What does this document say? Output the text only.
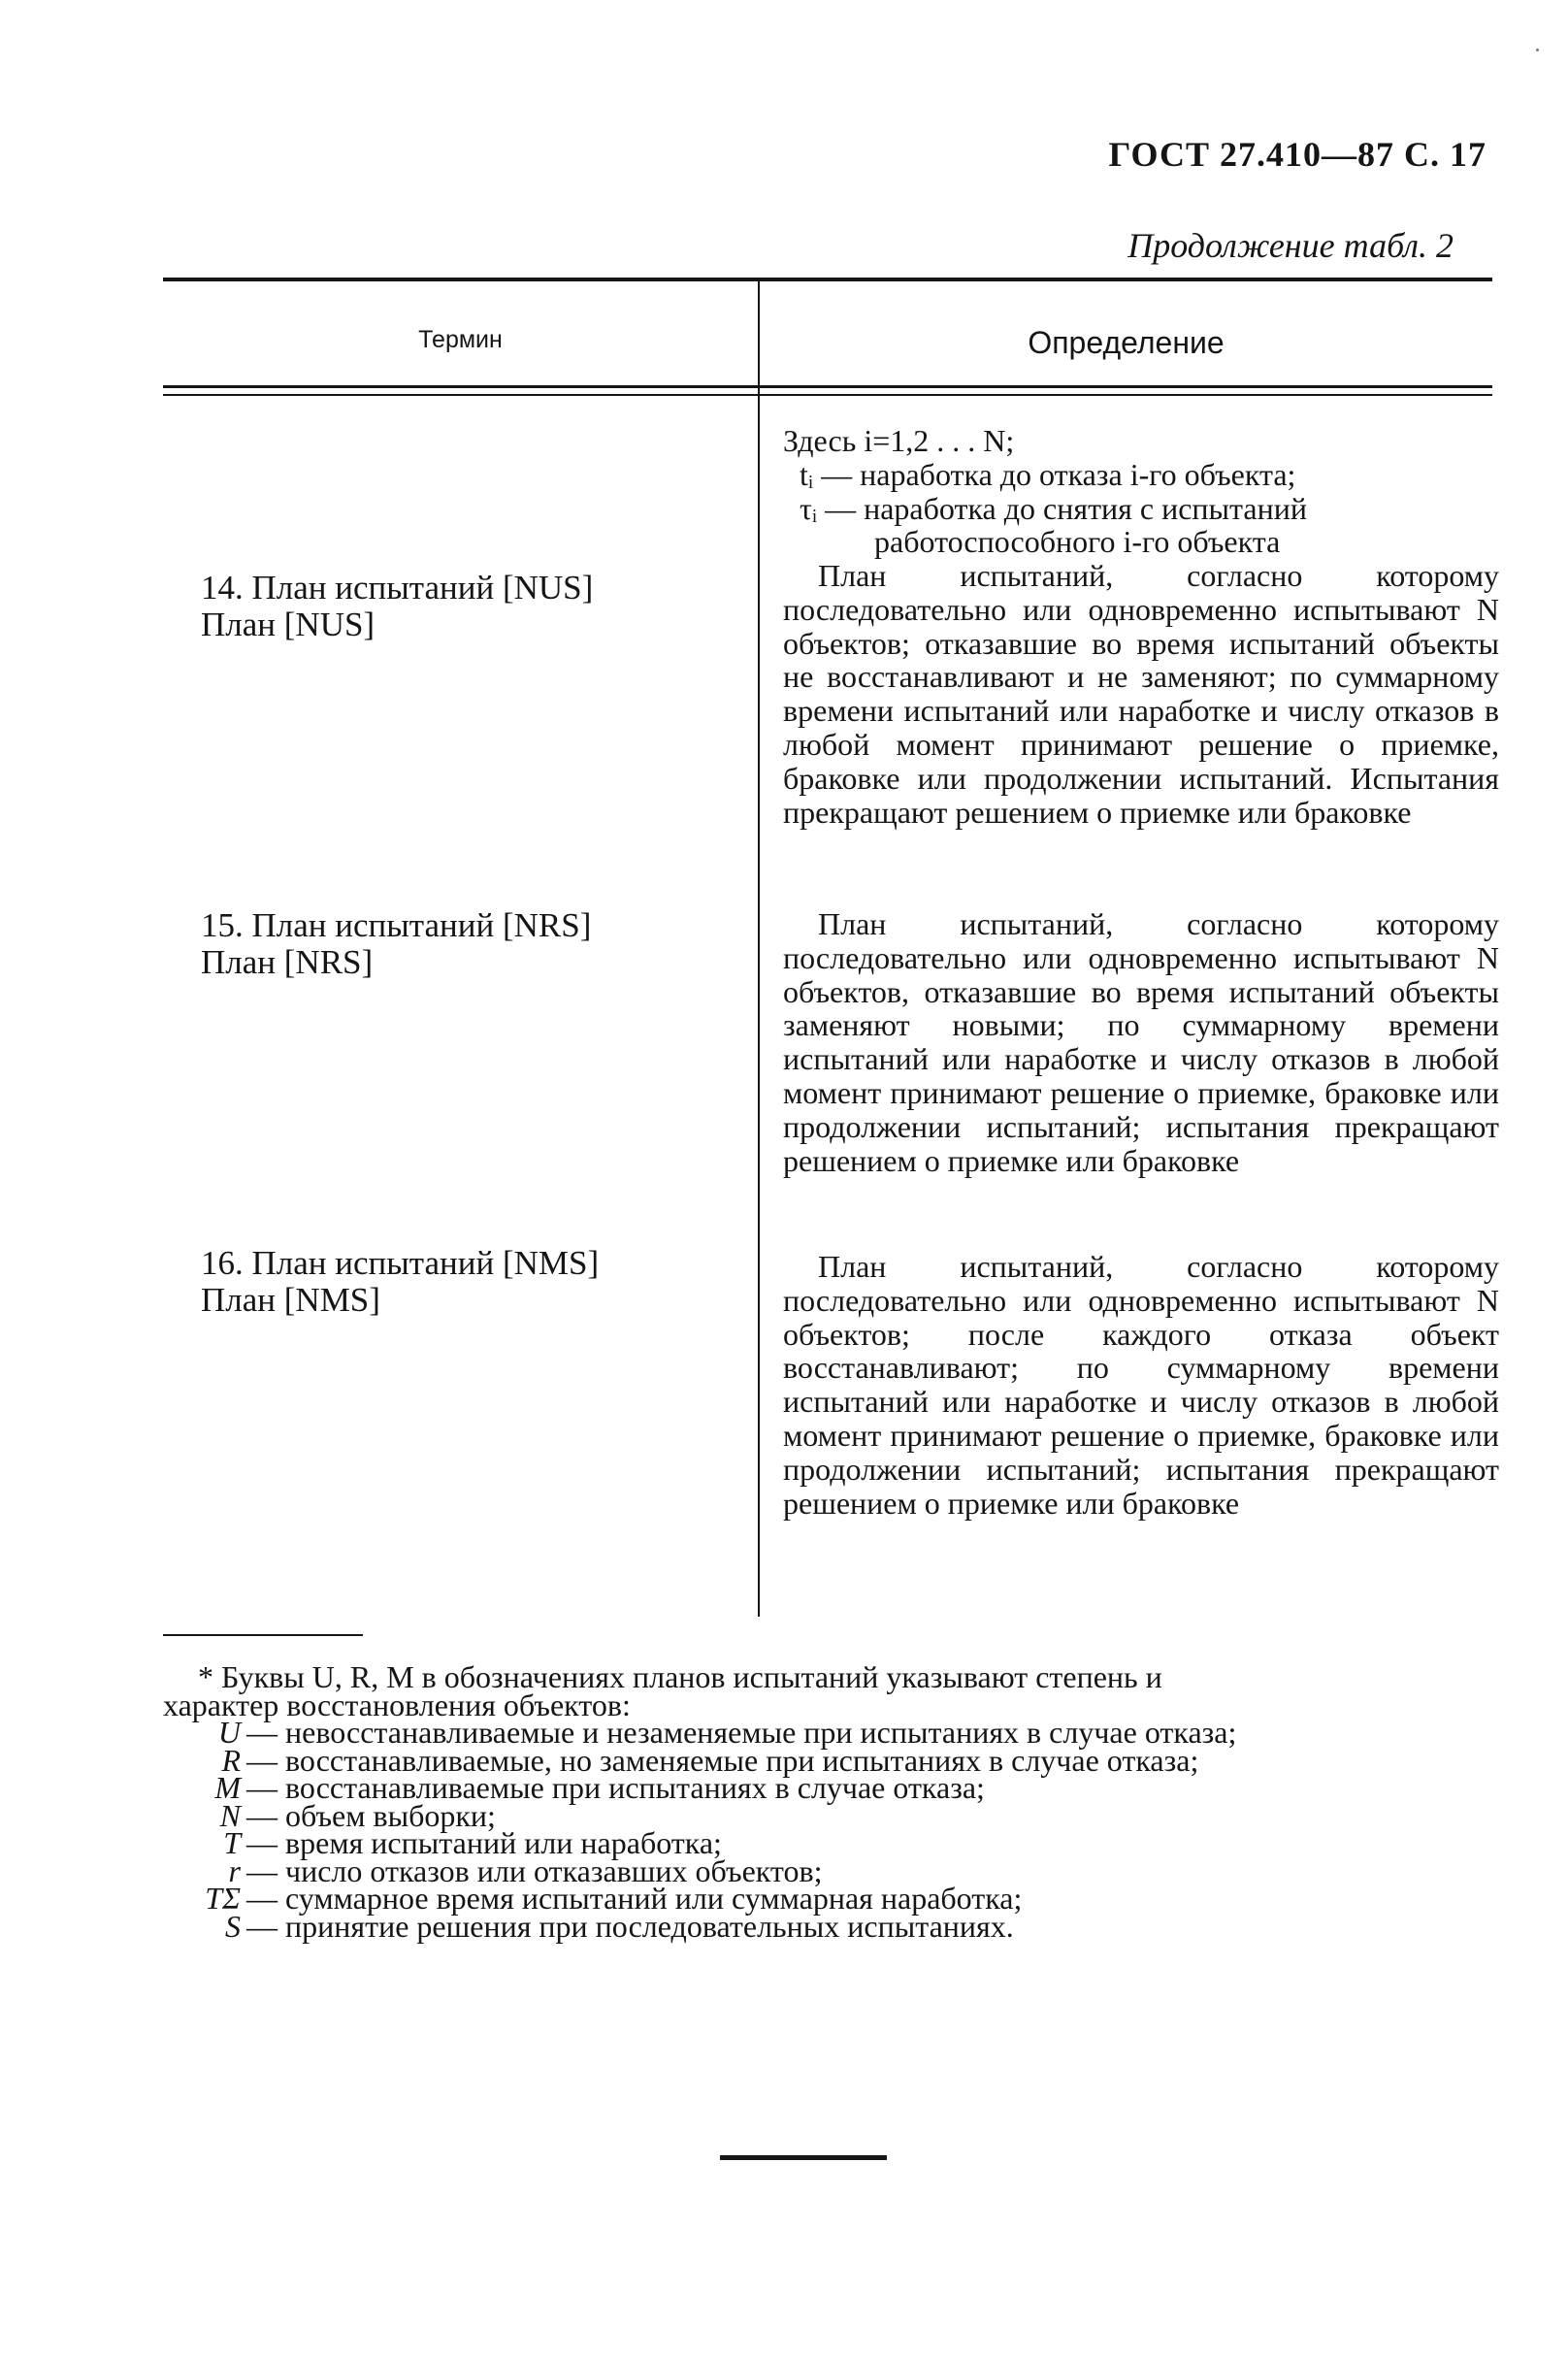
ГОСТ 27.410—87 С. 17
Продолжение табл. 2
Термин	Определение
Здесь i=1,2 . . . N;
tᵢ — наработка до отказа i-го объекта;
τᵢ — наработка до снятия с испытаний
работоспособного i-го объекта
14. План испытаний [NUS]
План [NUS]

План испытаний, согласно которому последовательно или одновременно испытывают N объектов; отказавшие во время испытаний объекты не восстанавливают и не заменяют; по суммарному времени испытаний или наработке и числу отказов в любой момент принимают решение о приемке, браковке или продолжении испытаний. Испытания прекращают решением о приемке или браковке

15. План испытаний [NRS]
План [NRS]

План испытаний, согласно которому последовательно или одновременно испытывают N объектов, отказавшие во время испытаний объекты заменяют новыми; по суммарному времени испытаний или наработке и числу отказов в любой момент принимают решение о приемке, браковке или продолжении испытаний; испытания прекращают решением о приемке или браковке

16. План испытаний [NMS]
План [NMS]

План испытаний, согласно которому последовательно или одновременно испытывают N объектов; после каждого отказа объект восстанавливают; по суммарному времени испытаний или наработке и числу отказов в любой момент принимают решение о приемке, браковке или продолжении испытаний; испытания прекращают решением о приемке или браковке

* Буквы U, R, M в обозначениях планов испытаний указывают степень и
характер восстановления объектов:
U — невосстанавливаемые и незаменяемые при испытаниях в случае отказа;
R — восстанавливаемые, но заменяемые при испытаниях в случае отказа;
M — восстанавливаемые при испытаниях в случае отказа;
N — объем выборки;
T — время испытаний или наработка;
r — число отказов или отказавших объектов;
TΣ — суммарное время испытаний или суммарная наработка;
S — принятие решения при последовательных испытаниях.
